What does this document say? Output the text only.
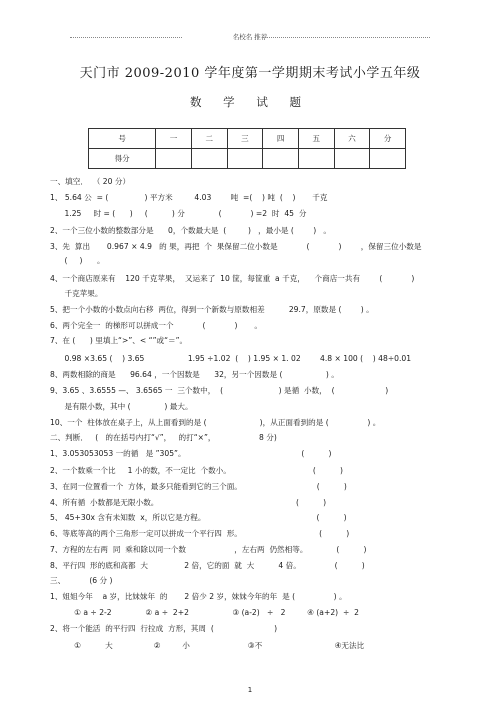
名校名 推荐
天门市 2009-2010 学年度第一学期期末考试小学五年级
数 学 试 题
号	一	二	三	四	五	六	分
得分							
一、填空．  （ 20 分）
1、 5.64 公  = (               ) 平方米         4.03        吨  =(    ) 吨  (    )       千克
1.25     时 = (      )     (          ) 分              (            ) =2  时  45  分
2、一个三位小数的整数部分是      0，个数最大是  (         )   ，最小是 (        )   。
3、先  算出       0.967 × 4.9   的 果，再把  个  果保留二位小数是            (            )        ，保留三位小数是
(     )      。
4、一个商店原来有    120 千克苹果，  又运来了  10 筐，每筐重  a 千克，    个商店一共有        (            )
千克苹果。
5、把一个小数的小数点向右移  两位，得到一个新数与原数相差          29.7，原数是 (        ) 。
6、两个完全一  的梯形可以拼成一个            (            )       。
7、在 (      ) 里填上“>”、< “”或“＝”。
0.98 ×3.65 (    ) 3.65                  1.95 ÷1.02  (    ) 1.95 × 1. 02        4.8 × 100 (    ) 48÷0.01
8、两数相除的商是      96.64 ，一个因数是      32，另一个因数是 (                  ) 。
9、3.65 、3.6555 —、 3.6565 一  三个数中，  (                       ) 是循  小数，  (                     )
是有限小数，其中 (              ) 最大。
10、一个  柱体放在桌子上，从上面看到的是 (                      )，从正面看到的是 (                ) 。
二、判断．   (   的在括号内打“√”，   的打“×”，                  8 分)
1、3.053053053 一的循   是 ”305”。                                                (          )
2、一个数乘一个比     1 小的数，不一定比  个数小。                                  (          )
3、在同一位置看一个  方体，最多只能看到它的三个面。                               (          )
4、所有循  小数都是无限小数。                                                         (          )
5、 45+30x 含有未知数  x，所以它是方程。                                              (          )
6、等底等高的两个三角形一定可以拼成一个平行四  形。                                (          )
7、方程的左右两  同  乘和除以同一个数                    ，左右两  仍然相等。            (          )
8、平行四  形的底和高都  大               2 倍，它的面  就  大          4 倍。              (          )
三、          (6 分 )
1、姐姐今年    a 岁，比妹妹年  的       2 倍少 2 岁，妹妹今年的年  是 (                ) 。
① a ÷ 2-2              ② a ÷  2+2                  ③ (a-2)   ÷   2         ④ (a+2)  ÷  2
2、将一个能活  的平行四  行拉成  方形，其周  (                         )
①          大                 ②         小                        ③不                              ④无法比
1
